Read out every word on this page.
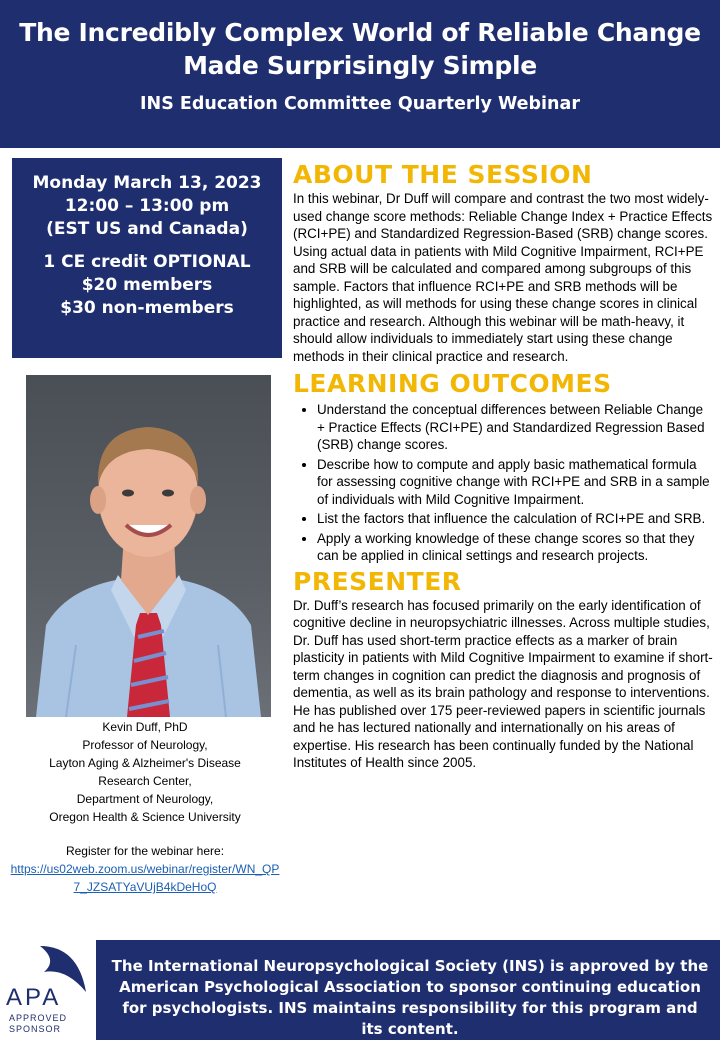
The Incredibly Complex World of Reliable Change
Made Surprisingly Simple
INS Education Committee Quarterly Webinar
Monday March 13, 2023
12:00 – 13:00 pm
(EST US and Canada)
1 CE credit OPTIONAL
$20 members
$30 non-members
Kevin Duff, PhD
Professor of Neurology,
Layton Aging & Alzheimer's Disease
Research Center,
Department of Neurology,
Oregon Health & Science University
Register for the webinar here:
https://us02web.zoom.us/webinar/register/WN_QP7_JZSATYaVUjB4kDeHoQ
ABOUT THE SESSION
In this webinar, Dr Duff will compare and contrast the two most widely-used change score methods: Reliable Change Index + Practice Effects (RCI+PE) and Standardized Regression-Based (SRB) change scores. Using actual data in patients with Mild Cognitive Impairment, RCI+PE and SRB will be calculated and compared among subgroups of this sample. Factors that influence RCI+PE and SRB methods will be highlighted, as will methods for using these change scores in clinical practice and research. Although this webinar will be math-heavy, it should allow individuals to immediately start using these change methods in their clinical practice and research.
LEARNING OUTCOMES
• Understand the conceptual differences between Reliable Change + Practice Effects (RCI+PE) and Standardized Regression Based (SRB) change scores.
• Describe how to compute and apply basic mathematical formula for assessing cognitive change with RCI+PE and SRB in a sample of individuals with Mild Cognitive Impairment.
• List the factors that influence the calculation of RCI+PE and SRB.
• Apply a working knowledge of these change scores so that they can be applied in clinical settings and research projects.
PRESENTER
Dr. Duff’s research has focused primarily on the early identification of cognitive decline in neuropsychiatric illnesses. Across multiple studies, Dr. Duff has used short-term practice effects as a marker of brain plasticity in patients with Mild Cognitive Impairment to examine if short-term changes in cognition can predict the diagnosis and prognosis of dementia, as well as its brain pathology and response to interventions. He has published over 175 peer-reviewed papers in scientific journals and he has lectured nationally and internationally on his areas of expertise. His research has been continually funded by the National Institutes of Health since 2005.
APA
APPROVED
SPONSOR
The International Neuropsychological Society (INS) is approved by the American Psychological Association to sponsor continuing education for psychologists. INS maintains responsibility for this program and its content.
